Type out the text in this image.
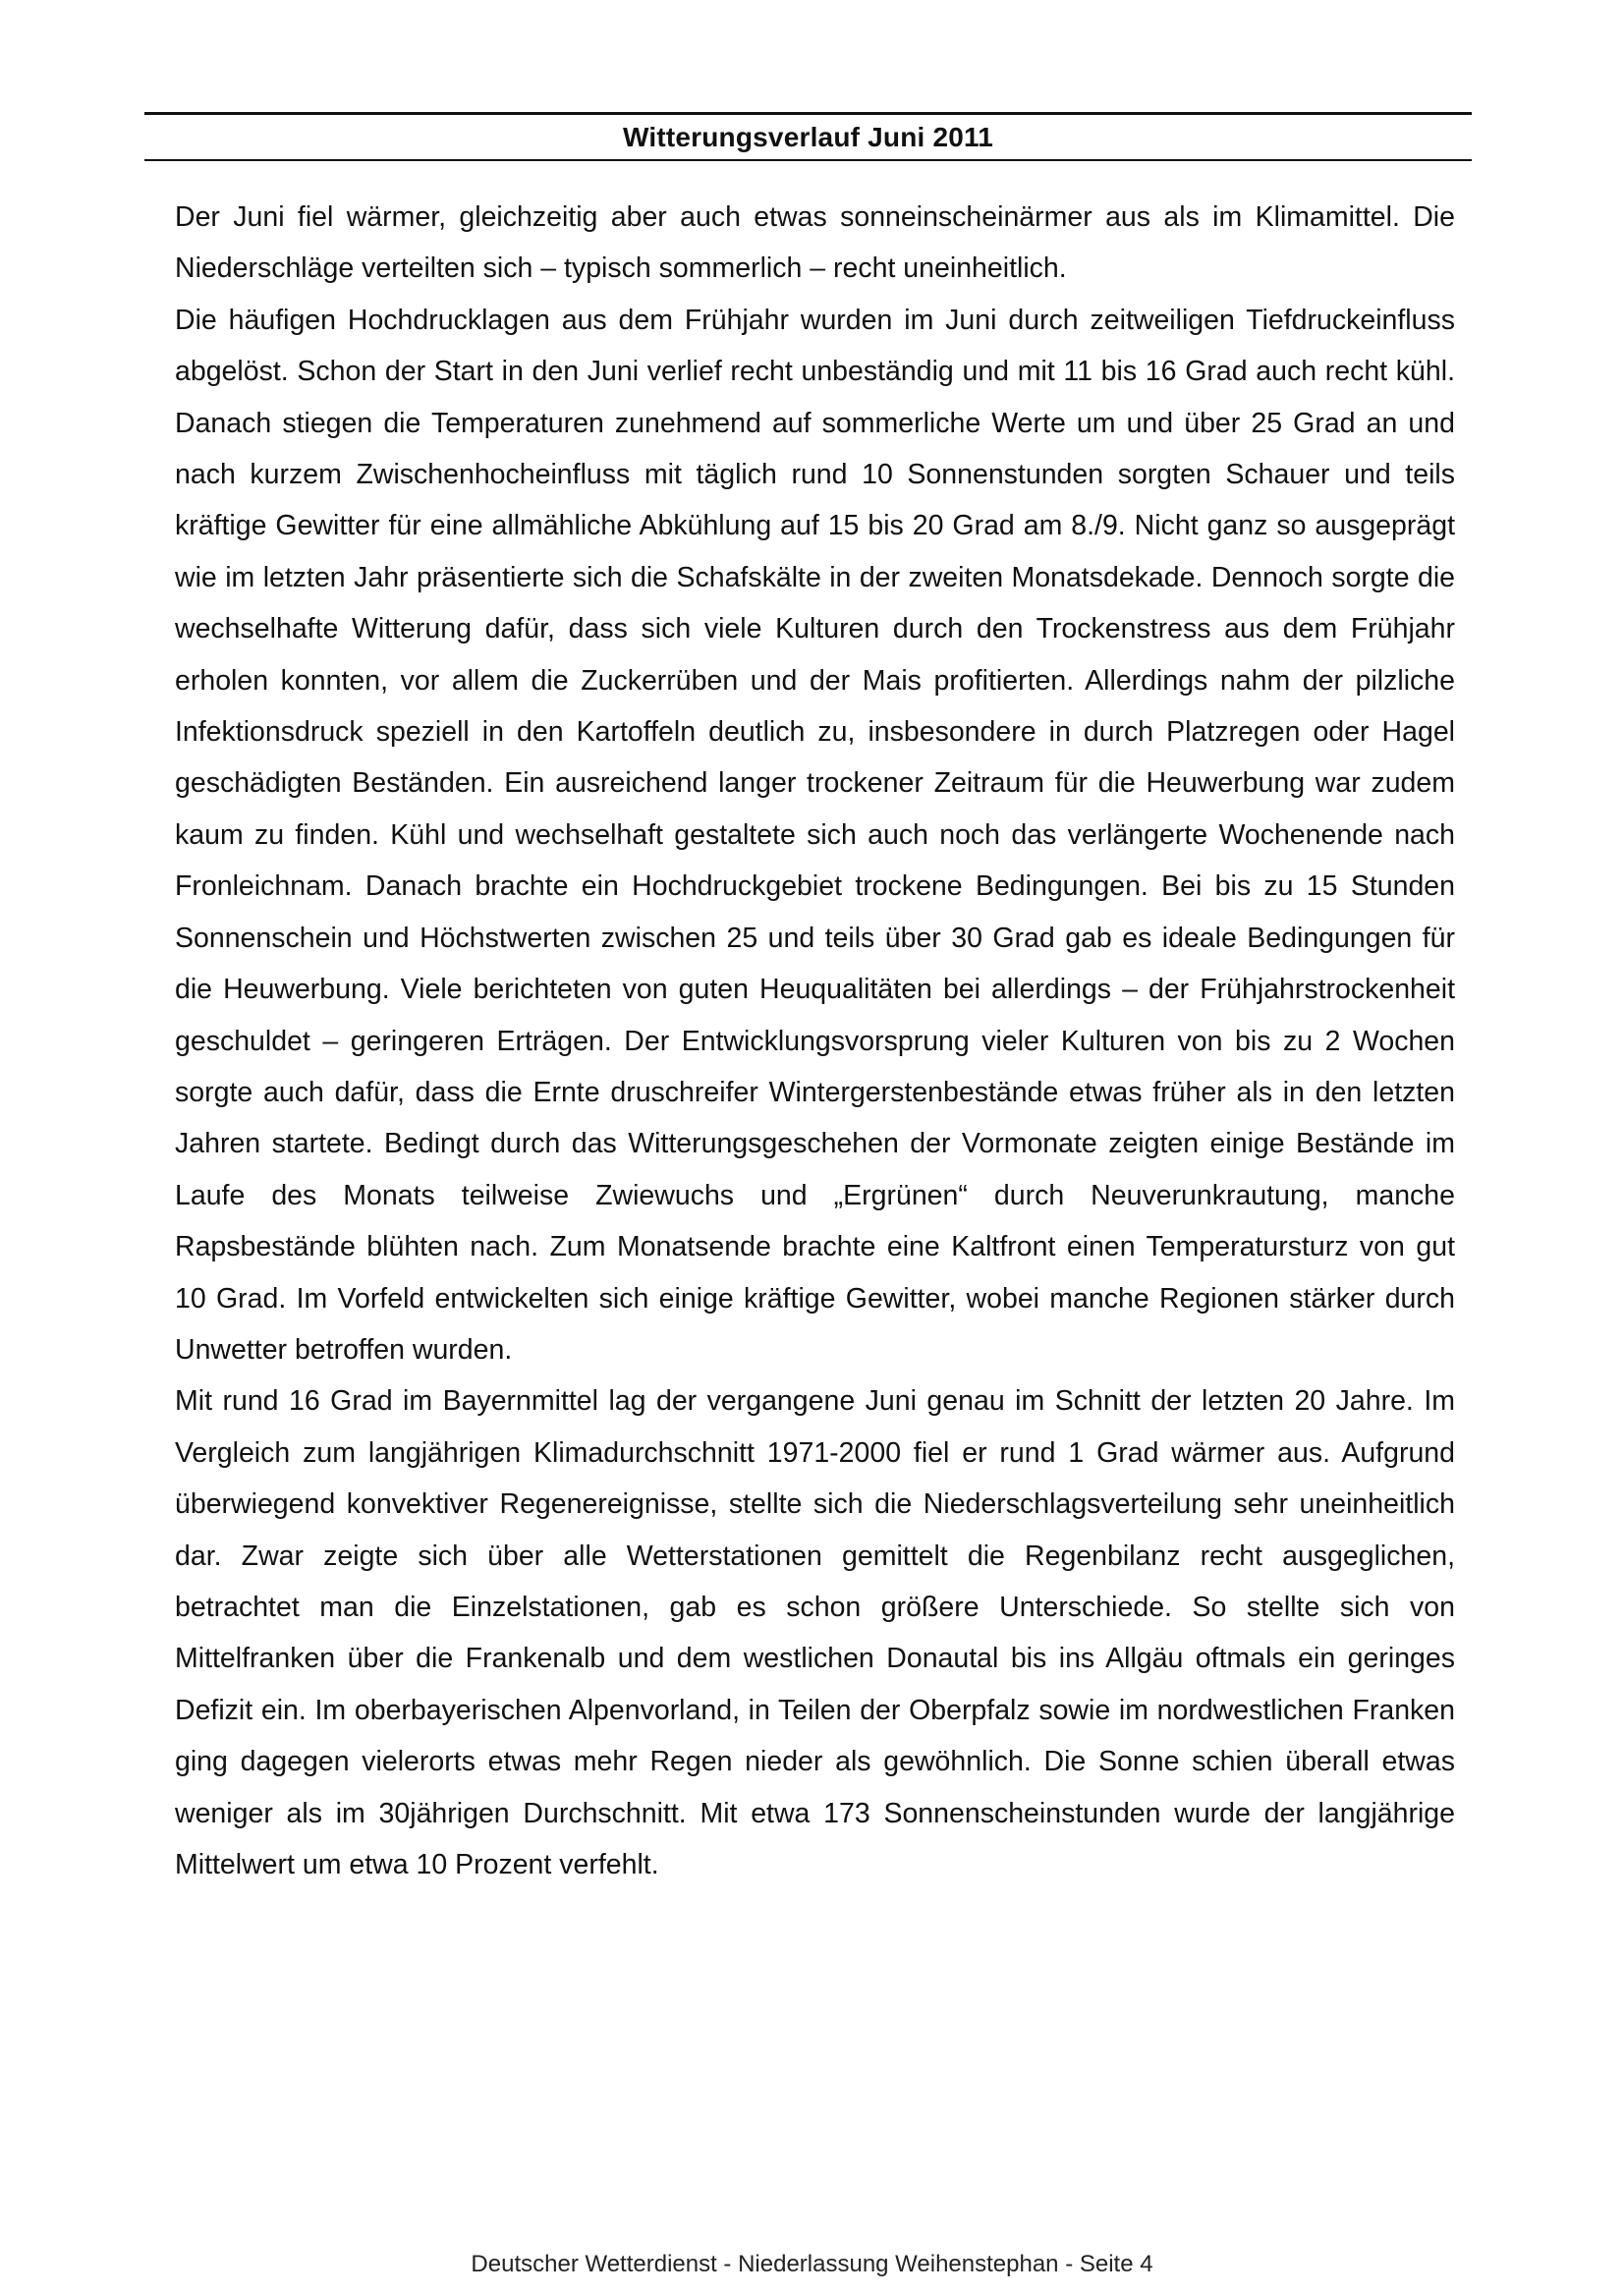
Witterungsverlauf Juni 2011

Der Juni fiel wärmer, gleichzeitig aber auch etwas sonneinscheinärmer aus als im Klimamittel. Die Niederschläge verteilten sich – typisch sommerlich – recht uneinheitlich.

Die häufigen Hochdrucklagen aus dem Frühjahr wurden im Juni durch zeitweiligen Tiefdruckeinfluss abgelöst. Schon der Start in den Juni verlief recht unbeständig und mit 11 bis 16 Grad auch recht kühl. Danach stiegen die Temperaturen zunehmend auf sommerliche Werte um und über 25 Grad an und nach kurzem Zwischenhocheinfluss mit täglich rund 10 Sonnenstunden sorgten Schauer und teils kräftige Gewitter für eine allmähliche Abkühlung auf 15 bis 20 Grad am 8./9. Nicht ganz so ausgeprägt wie im letzten Jahr präsentierte sich die Schafskälte in der zweiten Monatsdekade. Dennoch sorgte die wechselhafte Witterung dafür, dass sich viele Kulturen durch den Trockenstress aus dem Frühjahr erholen konnten, vor allem die Zuckerrüben und der Mais profitierten. Allerdings nahm der pilzliche Infektionsdruck speziell in den Kartoffeln deutlich zu, insbesondere in durch Platzregen oder Hagel geschädigten Beständen. Ein ausreichend langer trockener Zeitraum für die Heuwerbung war zudem kaum zu finden. Kühl und wechselhaft gestaltete sich auch noch das verlängerte Wochenende nach Fronleichnam. Danach brachte ein Hochdruckgebiet trockene Bedingungen. Bei bis zu 15 Stunden Sonnenschein und Höchstwerten zwischen 25 und teils über 30 Grad gab es ideale Bedingungen für die Heuwerbung. Viele berichteten von guten Heuqualitäten bei allerdings – der Frühjahrstrockenheit geschuldet – geringeren Erträgen. Der Entwicklungsvorsprung vieler Kulturen von bis zu 2 Wochen sorgte auch dafür, dass die Ernte druschreifer Wintergerstenbestände etwas früher als in den letzten Jahren startete. Bedingt durch das Witterungsgeschehen der Vormonate zeigten einige Bestände im Laufe des Monats teilweise Zwiewuchs und „Ergrünen“ durch Neuverunkrautung, manche Rapsbestände blühten nach. Zum Monatsende brachte eine Kaltfront einen Temperatursturz von gut 10 Grad. Im Vorfeld entwickelten sich einige kräftige Gewitter, wobei manche Regionen stärker durch Unwetter betroffen wurden.

Mit rund 16 Grad im Bayernmittel lag der vergangene Juni genau im Schnitt der letzten 20 Jahre. Im Vergleich zum langjährigen Klimadurchschnitt 1971-2000 fiel er rund 1 Grad wärmer aus. Aufgrund überwiegend konvektiver Regenereignisse, stellte sich die Niederschlagsverteilung sehr uneinheitlich dar. Zwar zeigte sich über alle Wetterstationen gemittelt die Regenbilanz recht ausgeglichen, betrachtet man die Einzelstationen, gab es schon größere Unterschiede. So stellte sich von Mittelfranken über die Frankenalb und dem westlichen Donautal bis ins Allgäu oftmals ein geringes Defizit ein. Im oberbayerischen Alpenvorland, in Teilen der Oberpfalz sowie im nordwestlichen Franken ging dagegen vielerorts etwas mehr Regen nieder als gewöhnlich. Die Sonne schien überall etwas weniger als im 30jährigen Durchschnitt. Mit etwa 173 Sonnenscheinstunden wurde der langjährige Mittelwert um etwa 10 Prozent verfehlt.

Deutscher Wetterdienst - Niederlassung Weihenstephan - Seite 4
